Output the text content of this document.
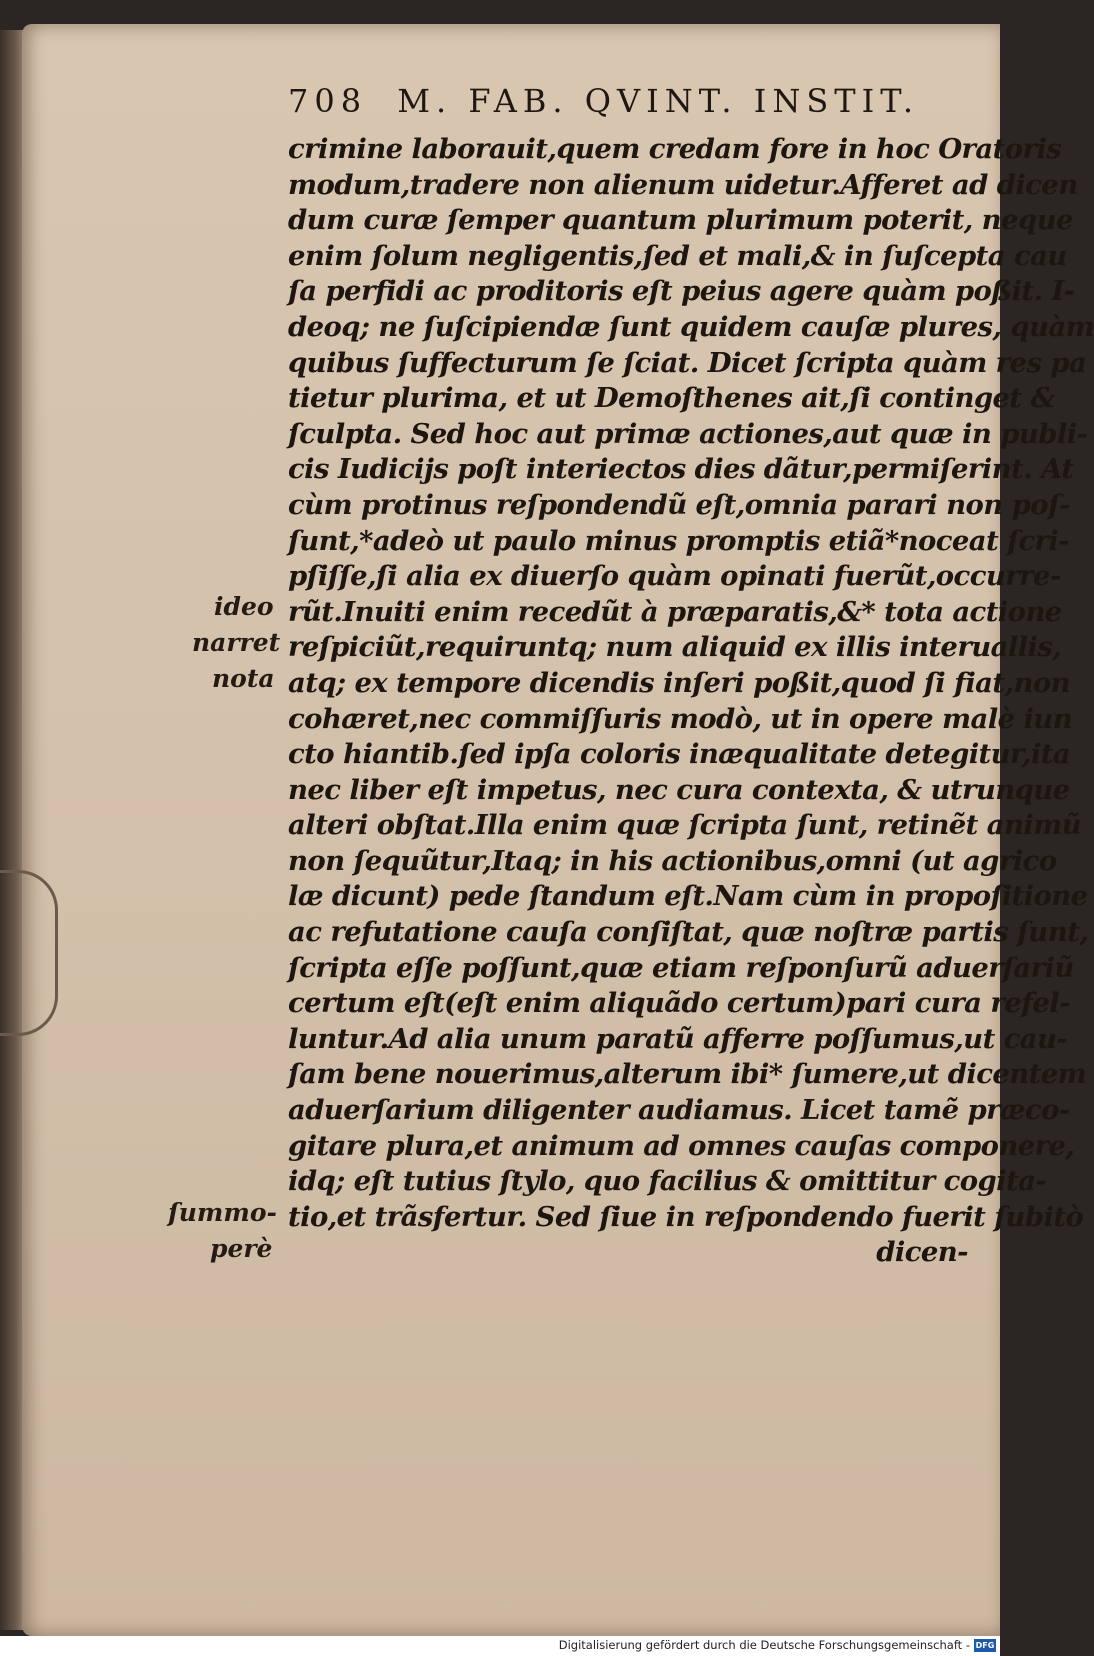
708 M. FAB. QVINT. INSTIT.
crimine laborauit,quem credam fore in hoc Oratoris
modum,tradere non alienum uidetur.Afferet ad dicen
dum curæ ſemper quantum plurimum poterit, neque
enim ſolum negligentis,ſed et mali,& in ſuſcepta cau
ſa perfidi ac proditoris eſt peius agere quàm poßit. I-
deoq; ne ſuſcipiendæ ſunt quidem cauſæ plures, quàm
quibus ſuffecturum ſe ſciat. Dicet ſcripta quàm res pa
tietur plurima, et ut Demoſthenes ait,ſi continget &
ſculpta. Sed hoc aut primæ actiones,aut quæ in publi-
cis Iudicijs poſt interiectos dies dãtur,permiſerint. At
cùm protinus reſpondendũ eſt,omnia parari non poſ-
ſunt,*adeò ut paulo minus promptis etiã*noceat ſcri-
pſiſſe,ſi alia ex diuerſo quàm opinati fuerũt,occurre-
rũt.Inuiti enim recedũt à præparatis,&* tota actione
reſpiciũt,requiruntq; num aliquid ex illis interuallis,
atq; ex tempore dicendis inſeri poßit,quod ſi fiat,non
cohæret,nec commiſſuris modò, ut in opere malè iun
cto hiantib.ſed ipſa coloris inæqualitate detegitur,ita
nec liber eſt impetus, nec cura contexta, & utrunque
alteri obſtat.Illa enim quæ ſcripta ſunt, retinẽt animũ
non ſequũtur,Itaq; in his actionibus,omni (ut agrico
læ dicunt) pede ſtandum eſt.Nam cùm in propoſitione
ac refutatione cauſa conſiſtat, quæ noſtræ partis ſunt,
ſcripta eſſe poſſunt,quæ etiam reſponſurũ aduerſariũ
certum eſt(eſt enim aliquãdo certum)pari cura refel-
luntur.Ad alia unum paratũ afferre poſſumus,ut cau-
ſam bene nouerimus,alterum ibi* ſumere,ut dicentem
aduerſarium diligenter audiamus. Licet tamẽ præco-
gitare plura,et animum ad omnes cauſas componere,
idq; eſt tutius ſtylo, quo facilius & omittitur cogita-
tio,et trãsfertur. Sed ſiue in reſpondendo fuerit ſubitò
dicen-
ideo
narret
nota
ſummo-
perè
Digitalisierung gefördert durch die Deutsche Forschungsgemeinschaft - DFG
